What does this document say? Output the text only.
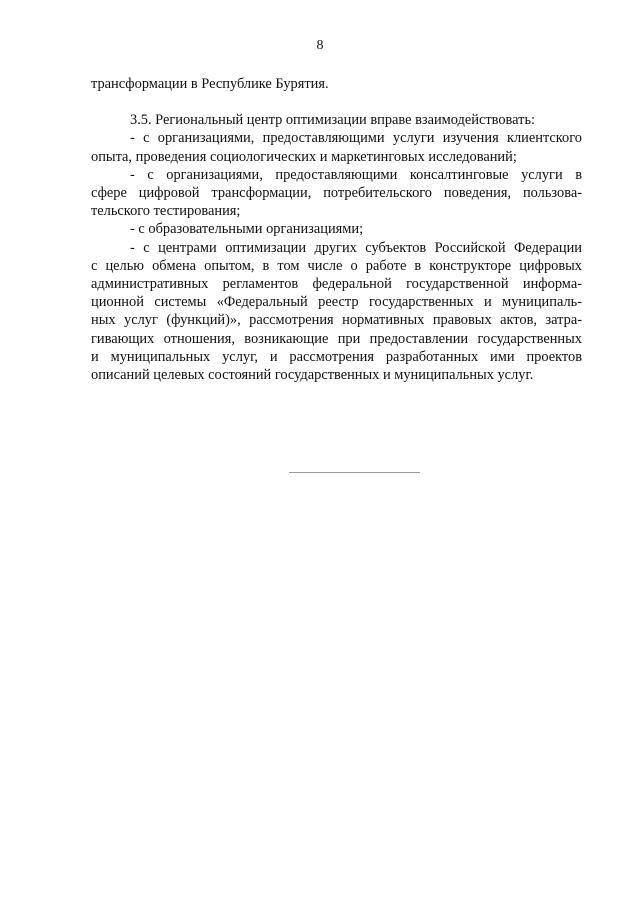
8
трансформации в Республике Бурятия.
3.5. Региональный центр оптимизации вправе взаимодействовать:
- с организациями, предоставляющими услуги изучения клиентского
опыта, проведения социологических и маркетинговых исследований;
- с организациями, предоставляющими консалтинговые услуги в
сфере цифровой трансформации, потребительского поведения, пользова-
тельского тестирования;
- с образовательными организациями;
- с центрами оптимизации других субъектов Российской Федерации
с целью обмена опытом, в том числе о работе в конструкторе цифровых
административных регламентов федеральной государственной информа-
ционной системы «Федеральный реестр государственных и муниципаль-
ных услуг (функций)», рассмотрения нормативных правовых актов, затра-
гивающих отношения, возникающие при предоставлении государственных
и муниципальных услуг, и рассмотрения разработанных ими проектов
описаний целевых состояний государственных и муниципальных услуг.
